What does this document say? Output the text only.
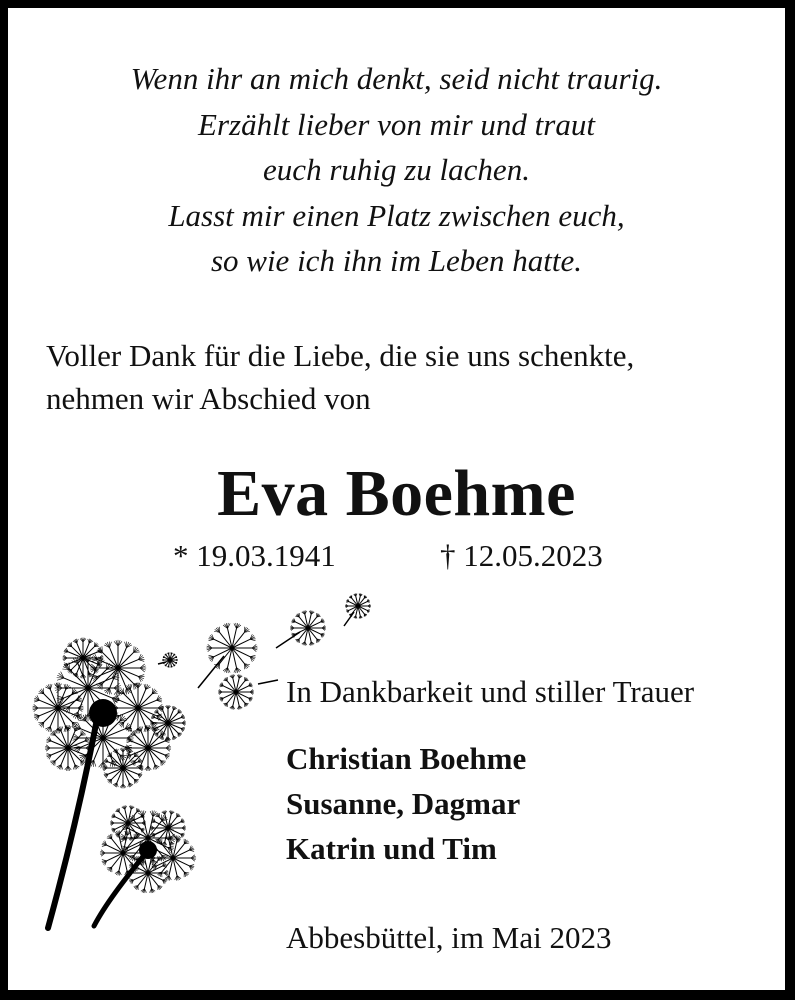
Wenn ihr an mich denkt, seid nicht traurig.
Erzählt lieber von mir und traut
euch ruhig zu lachen.
Lasst mir einen Platz zwischen euch,
so wie ich ihn im Leben hatte.
Voller Dank für die Liebe, die sie uns schenkte,
nehmen wir Abschied von
Eva Boehme
* 19.03.1941	† 12.05.2023
In Dankbarkeit und stiller Trauer
Christian Boehme
Susanne, Dagmar
Katrin und Tim
Abbesbüttel, im Mai 2023
